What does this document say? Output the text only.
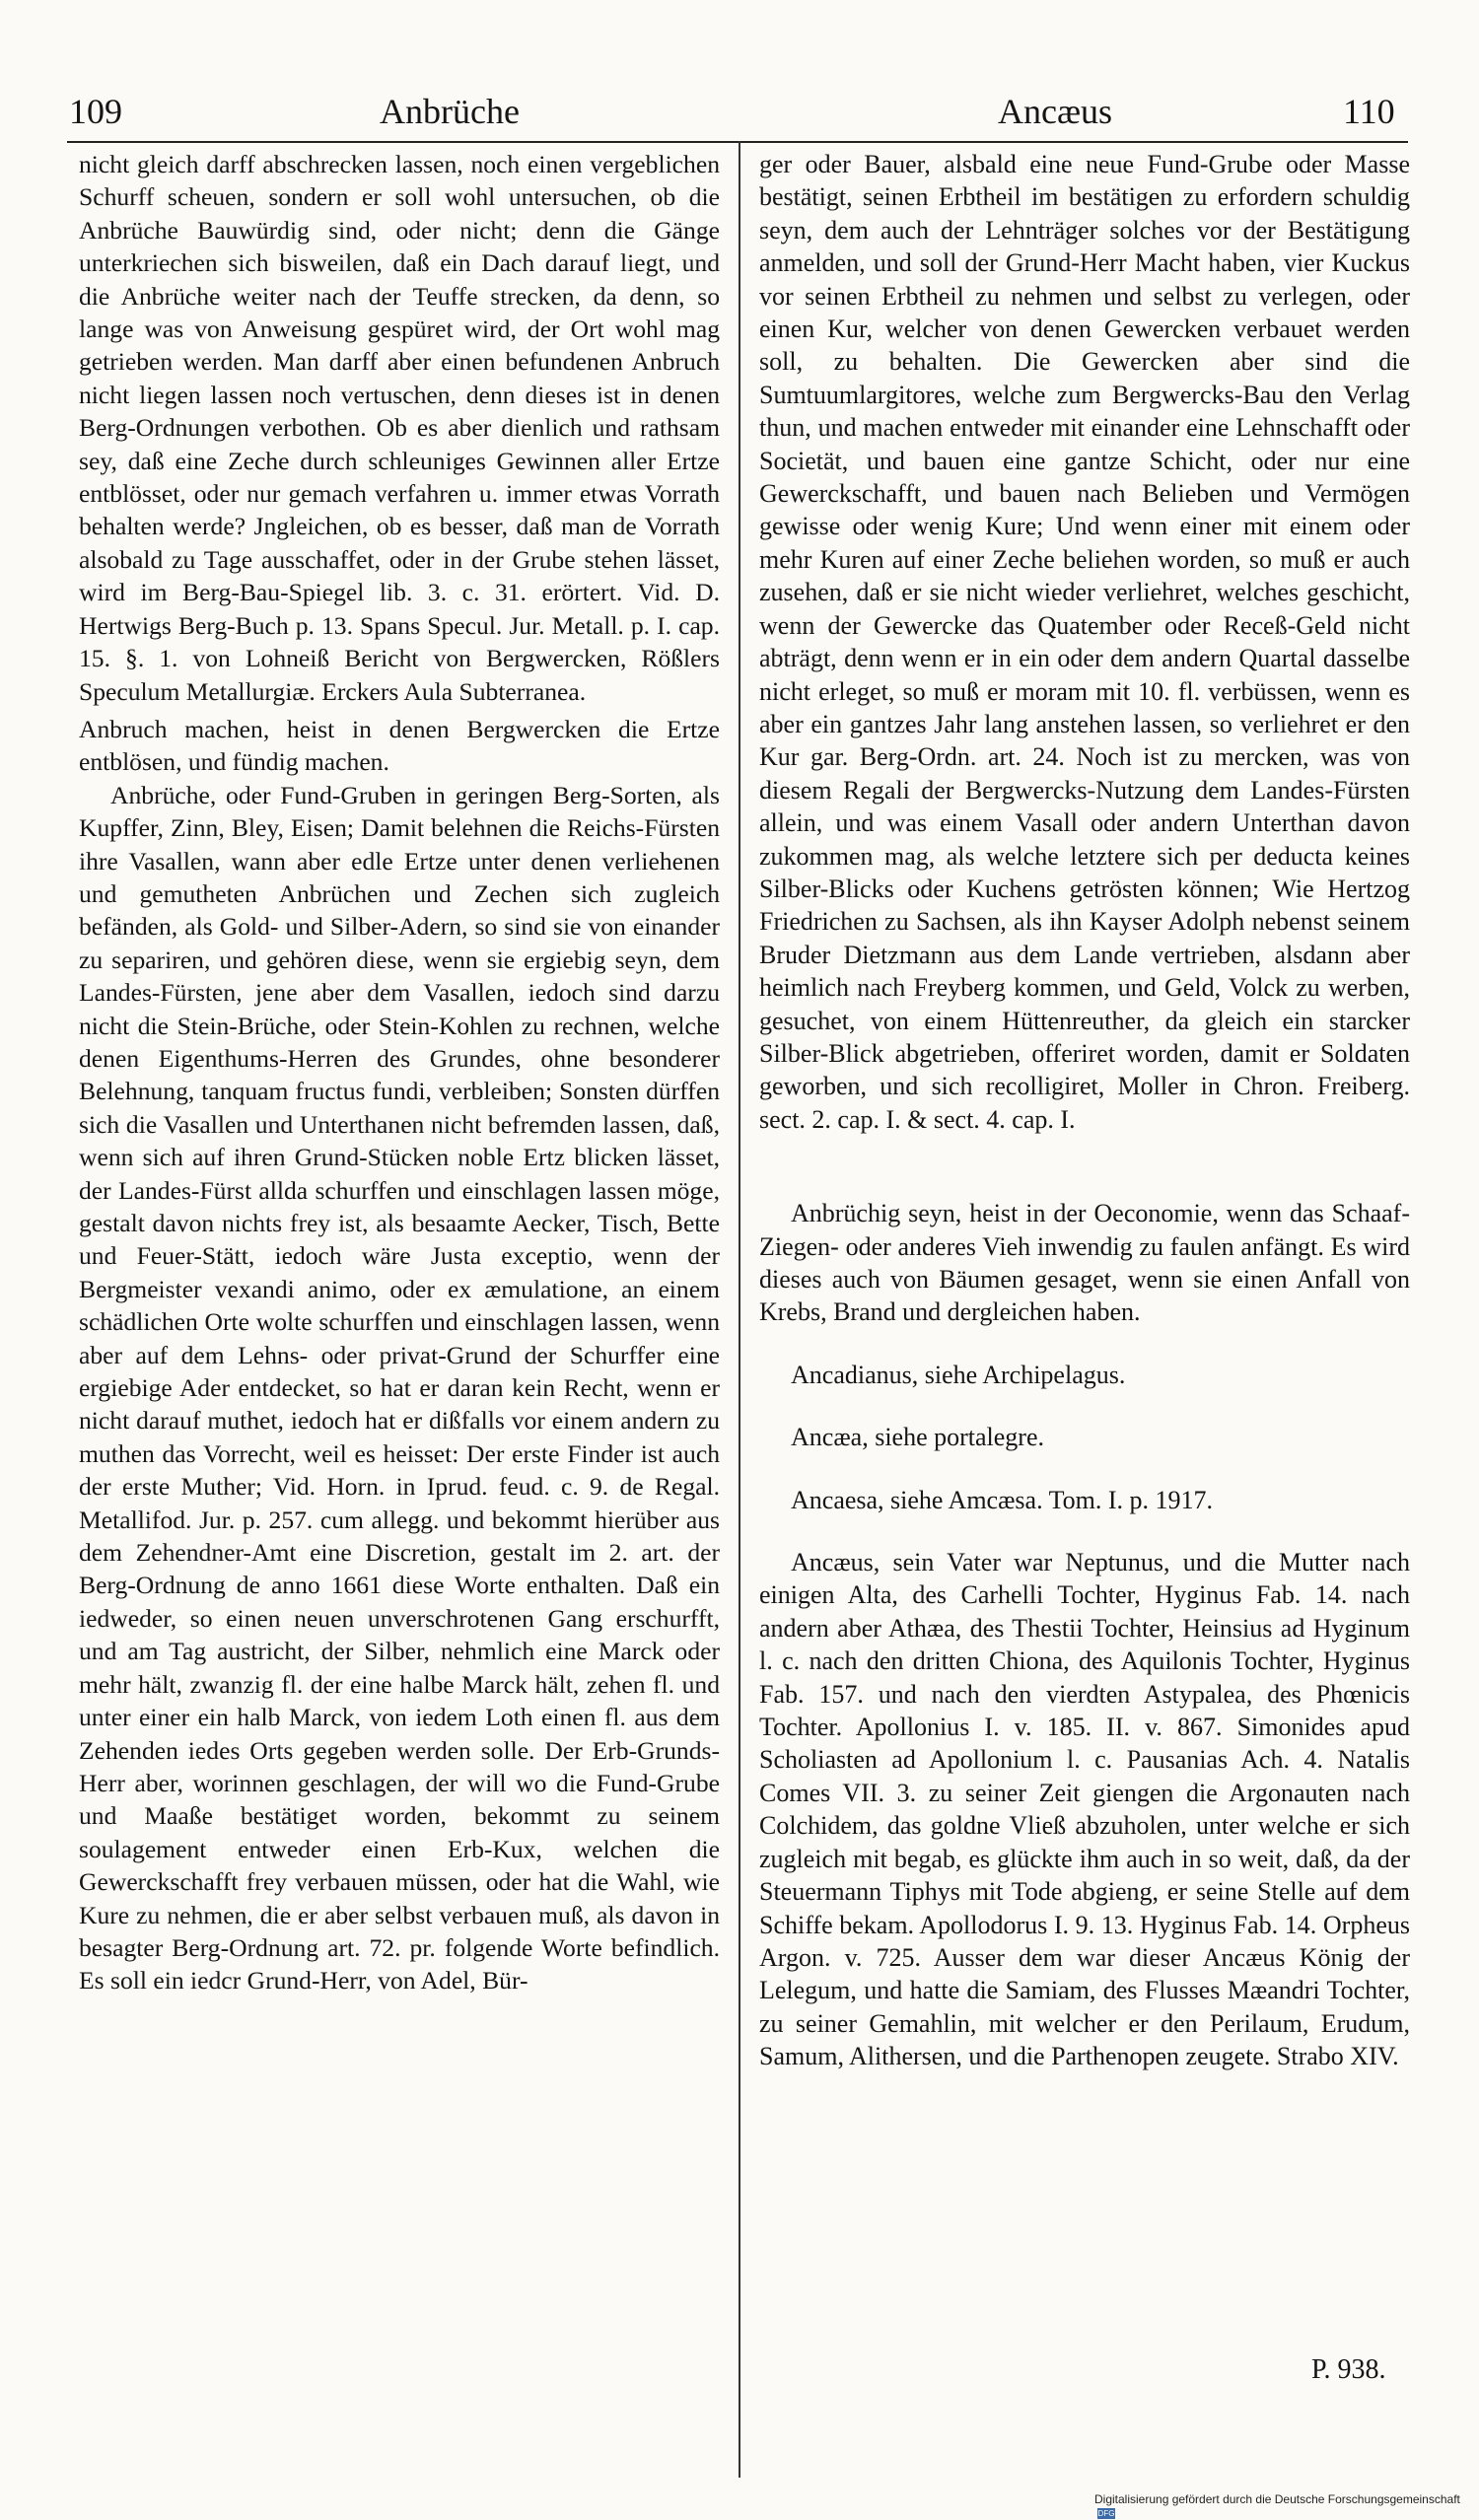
109	Anbrüche	Ancæus	110

nicht gleich darff abschrecken lassen, noch einen vergeblichen Schurff scheuen, sondern er soll wohl untersuchen, ob die Anbrüche Bauwürdig sind, oder nicht; denn die Gänge unterkriechen sich bisweilen, daß ein Dach darauf liegt, und die Anbrüche weiter nach der Teuffe strecken, da denn, so lange was von Anweisung gespüret wird, der Ort wohl mag getrieben werden. Man darff aber einen befundenen Anbruch nicht liegen lassen noch vertuschen, denn dieses ist in denen Berg-Ordnungen verbothen. Ob es aber dienlich und rathsam sey, daß eine Zeche durch schleuniges Gewinnen aller Ertze entblösset, oder nur gemach verfahren u. immer etwas Vorrath behalten werde? Jngleichen, ob es besser, daß man de Vorrath alsobald zu Tage ausschaffet, oder in der Grube stehen lässet, wird im Berg-Bau-Spiegel lib. 3. c. 31. erörtert. Vid. D. Hertwigs Berg-Buch p. 13. Spans Specul. Jur. Metall. p. I. cap. 15. §. 1. von Lohneiß Bericht von Bergwercken, Rößlers Speculum Metallurgiæ. Erckers Aula Subterranea.

Anbruch machen, heist in denen Bergwercken die Ertze entblösen, und fündig machen.

Anbrüche, oder Fund-Gruben in geringen Berg-Sorten, als Kupffer, Zinn, Bley, Eisen; Damit belehnen die Reichs-Fürsten ihre Vasallen, wann aber edle Ertze unter denen verliehenen und gemutheten Anbrüchen und Zechen sich zugleich befänden, als Gold- und Silber-Adern, so sind sie von einander zu separiren, und gehören diese, wenn sie ergiebig seyn, dem Landes-Fürsten, jene aber dem Vasallen, iedoch sind darzu nicht die Stein-Brüche, oder Stein-Kohlen zu rechnen, welche denen Eigenthums-Herren des Grundes, ohne besonderer Belehnung, tanquam fructus fundi, verbleiben; Sonsten dürffen sich die Vasallen und Unterthanen nicht befremden lassen, daß, wenn sich auf ihren Grund-Stücken noble Ertz blicken lässet, der Landes-Fürst allda schurffen und einschlagen lassen möge, gestalt davon nichts frey ist, als besaamte Aecker, Tisch, Bette und Feuer-Stätt, iedoch wäre Justa exceptio, wenn der Bergmeister vexandi animo, oder ex æmulatione, an einem schädlichen Orte wolte schurffen und einschlagen lassen, wenn aber auf dem Lehns- oder privat-Grund der Schurffer eine ergiebige Ader entdecket, so hat er daran kein Recht, wenn er nicht darauf muthet, iedoch hat er dißfalls vor einem andern zu muthen das Vorrecht, weil es heisset: Der erste Finder ist auch der erste Muther; Vid. Horn. in Iprud. feud. c. 9. de Regal. Metallifod. Jur. p. 257. cum allegg. und bekommt hierüber aus dem Zehendner-Amt eine Discretion, gestalt im 2. art. der Berg-Ordnung de anno 1661 diese Worte enthalten. Daß ein iedweder, so einen neuen unverschrotenen Gang erschurfft, und am Tag austricht, der Silber, nehmlich eine Marck oder mehr hält, zwanzig fl. der eine halbe Marck hält, zehen fl. und unter einer ein halb Marck, von iedem Loth einen fl. aus dem Zehenden iedes Orts gegeben werden solle. Der Erb-Grunds-Herr aber, worinnen geschlagen, der will wo die Fund-Grube und Maaße bestätiget worden, bekommt zu seinem soulagement entweder einen Erb-Kux, welchen die Gewerckschafft frey verbauen müssen, oder hat die Wahl, wie Kure zu nehmen, die er aber selbst verbauen muß, als davon in besagter Berg-Ordnung art. 72. pr. folgende Worte befindlich. Es soll ein iedcr Grund-Herr, von Adel, Bür-

ger oder Bauer, alsbald eine neue Fund-Grube oder Masse bestätigt, seinen Erbtheil im bestätigen zu erfordern schuldig seyn, dem auch der Lehnträger solches vor der Bestätigung anmelden, und soll der Grund-Herr Macht haben, vier Kuckus vor seinen Erbtheil zu nehmen und selbst zu verlegen, oder einen Kur, welcher von denen Gewercken verbauet werden soll, zu behalten. Die Gewercken aber sind die Sumtuumlargitores, welche zum Bergwercks-Bau den Verlag thun, und machen entweder mit einander eine Lehnschafft oder Societät, und bauen eine gantze Schicht, oder nur eine Gewerckschafft, und bauen nach Belieben und Vermögen gewisse oder wenig Kure; Und wenn einer mit einem oder mehr Kuren auf einer Zeche beliehen worden, so muß er auch zusehen, daß er sie nicht wieder verliehret, welches geschicht, wenn der Gewercke das Quatember oder Receß-Geld nicht abträgt, denn wenn er in ein oder dem andern Quartal dasselbe nicht erleget, so muß er moram mit 10. fl. verbüssen, wenn es aber ein gantzes Jahr lang anstehen lassen, so verliehret er den Kur gar. Berg-Ordn. art. 24. Noch ist zu mercken, was von diesem Regali der Bergwercks-Nutzung dem Landes-Fürsten allein, und was einem Vasall oder andern Unterthan davon zukommen mag, als welche letztere sich per deducta keines Silber-Blicks oder Kuchens getrösten können; Wie Hertzog Friedrichen zu Sachsen, als ihn Kayser Adolph nebenst seinem Bruder Dietzmann aus dem Lande vertrieben, alsdann aber heimlich nach Freyberg kommen, und Geld, Volck zu werben, gesuchet, von einem Hüttenreuther, da gleich ein starcker Silber-Blick abgetrieben, offeriret worden, damit er Soldaten geworben, und sich recolligiret, Moller in Chron. Freiberg. sect. 2. cap. I. & sect. 4. cap. I.

Anbrüchig seyn, heist in der Oeconomie, wenn das Schaaf-Ziegen- oder anderes Vieh inwendig zu faulen anfängt. Es wird dieses auch von Bäumen gesaget, wenn sie einen Anfall von Krebs, Brand und dergleichen haben.

Ancadianus, siehe Archipelagus.

Ancæa, siehe portalegre.

Ancaesa, siehe Amcæsa. Tom. I. p. 1917.

Ancæus, sein Vater war Neptunus, und die Mutter nach einigen Alta, des Carhelli Tochter, Hyginus Fab. 14. nach andern aber Athæa, des Thestii Tochter, Heinsius ad Hyginum l. c. nach den dritten Chiona, des Aquilonis Tochter, Hyginus Fab. 157. und nach den vierdten Astypalea, des Phœnicis Tochter. Apollonius I. v. 185. II. v. 867. Simonides apud Scholiasten ad Apollonium l. c. Pausanias Ach. 4. Natalis Comes VII. 3. zu seiner Zeit giengen die Argonauten nach Colchidem, das goldne Vließ abzuholen, unter welche er sich zugleich mit begab, es glückte ihm auch in so weit, daß, da der Steuermann Tiphys mit Tode abgieng, er seine Stelle auf dem Schiffe bekam. Apollodorus I. 9. 13. Hyginus Fab. 14. Orpheus Argon. v. 725. Ausser dem war dieser Ancæus König der Lelegum, und hatte die Samiam, des Flusses Mæandri Tochter, zu seiner Gemahlin, mit welcher er den Perilaum, Erudum, Samum, Alithersen, und die Parthenopen zeugete. Strabo XIV.

P. 938.
Digitalisierung gefördert durch die Deutsche Forschungsgemeinschaft DFG
